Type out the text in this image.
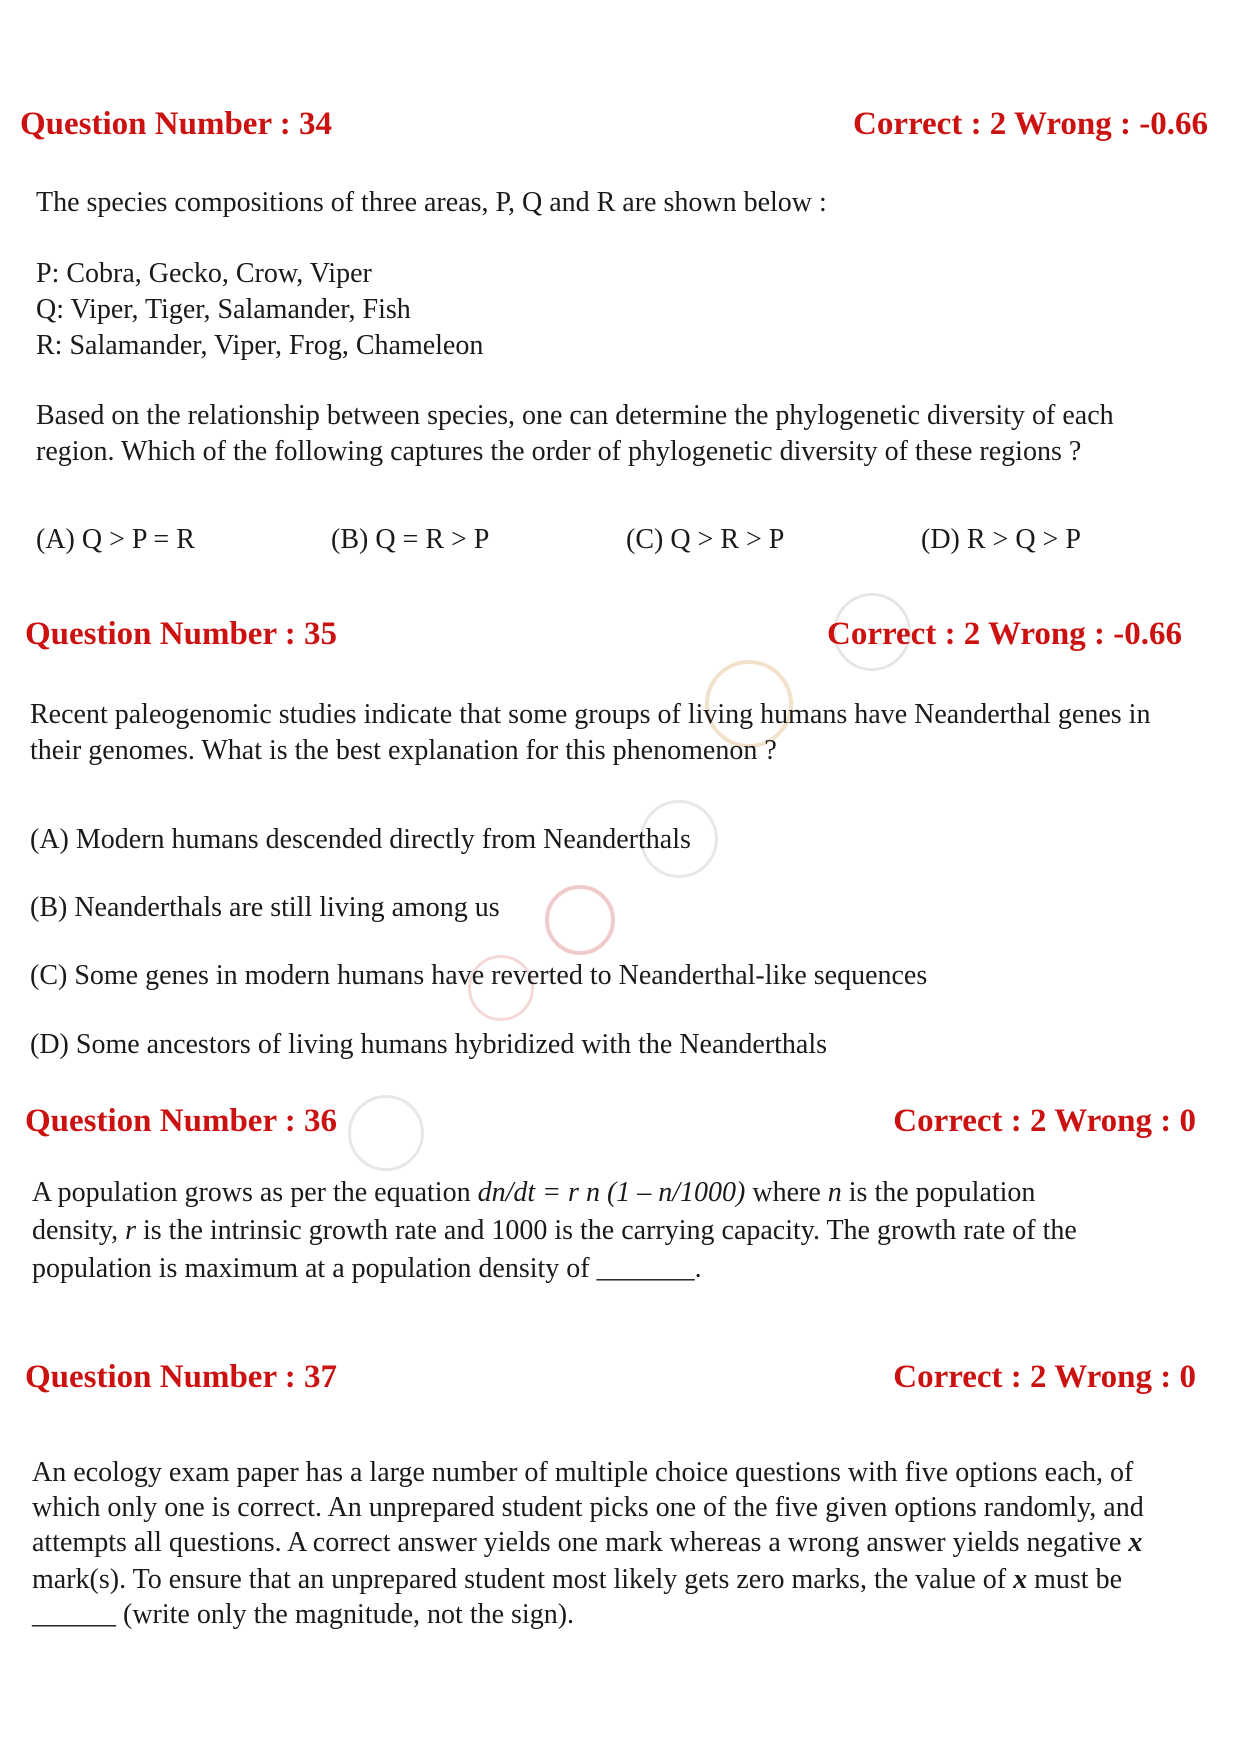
Question Number : 34	Correct : 2 Wrong : -0.66
The species compositions of three areas, P, Q and R are shown below :
P: Cobra, Gecko, Crow, Viper
Q: Viper, Tiger, Salamander, Fish
R: Salamander, Viper, Frog, Chameleon
Based on the relationship between species, one can determine the phylogenetic diversity of each
region. Which of the following captures the order of phylogenetic diversity of these regions ?
(A) Q > P = R	(B) Q = R > P	(C) Q > R > P	(D) R > Q > P
Question Number : 35	Correct : 2 Wrong : -0.66
Recent paleogenomic studies indicate that some groups of living humans have Neanderthal genes in
their genomes. What is the best explanation for this phenomenon ?
(A) Modern humans descended directly from Neanderthals
(B) Neanderthals are still living among us
(C) Some genes in modern humans have reverted to Neanderthal-like sequences
(D) Some ancestors of living humans hybridized with the Neanderthals
Question Number : 36	Correct : 2 Wrong : 0
A population grows as per the equation dn/dt = r n (1 – n/1000) where n is the population
density, r is the intrinsic growth rate and 1000 is the carrying capacity. The growth rate of the
population is maximum at a population density of _______.
Question Number : 37	Correct : 2 Wrong : 0
An ecology exam paper has a large number of multiple choice questions with five options each, of
which only one is correct. An unprepared student picks one of the five given options randomly, and
attempts all questions. A correct answer yields one mark whereas a wrong answer yields negative x
mark(s). To ensure that an unprepared student most likely gets zero marks, the value of x must be
______ (write only the magnitude, not the sign).
